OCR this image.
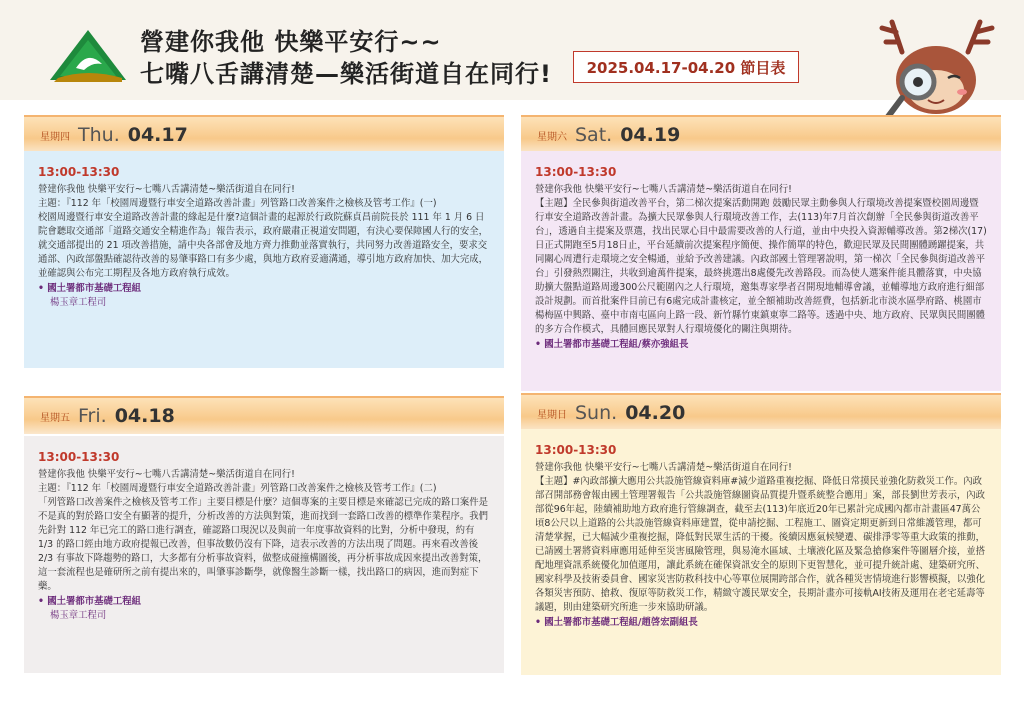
營建你我他 快樂平安行~~
七嘴八舌講清楚—樂活街道自在同行!	2025.04.17-04.20 節目表
星期四 Thu. 04.17
13:00-13:30

營建你我他 快樂平安行~七嘴八舌講清楚~樂活街道自在同行!

主題：『112 年「校園周邊暨行車安全道路改善計畫」列管路口改善案件之檢核及管考工作』(一)

校園周邊暨行車安全道路改善計畫的緣起是什麼?這個計畫的起源於行政院蘇貞昌前院長於 111 年 1 月 6 日院會聽取交通部「道路交通安全精進作為」報告表示，政府嚴肅正視道安問題，有決心要保障國人行的安全，就交通部提出的 21 項改善措施，請中央各部會及地方齊力推動並落實執行，共同努力改善道路安全，要求交通部、內政部盤點確認待改善的易肇事路口有多少處，與地方政府妥適溝通，導引地方政府加快、加大完成，並確認與公布完工期程及各地方政府執行成效。

• 國土署都市基礎工程組
楊玉章工程司
星期五 Fri. 04.18
13:00-13:30

營建你我他 快樂平安行~七嘴八舌講清楚~樂活街道自在同行!

主題：『112 年「校園周邊暨行車安全道路改善計畫」列管路口改善案件之檢核及管考工作』(二)

「列管路口改善案件之檢核及管考工作」主要目標是什麼？這個專案的主要目標是來確認已完成的路口案件是不是真的對於路口安全有顯著的提升，分析改善的方法與對策，進而找到一套路口改善的標準作業程序。我們先針對 112 年已完工的路口進行調查，確認路口現況以及與前一年度事故資料的比對，分析中發現，約有 1/3 的路口經由地方政府提報已改善，但事故數仍沒有下降，這表示改善的方法出現了問題。再來看改善後 2/3 有事故下降趨勢的路口，大多都有分析事故資料，做整成碰撞構圖後，再分析事故成因來提出改善對策，這一套流程也是確研所之前有提出來的，叫肇事診斷學，就像醫生診斷一樣，找出路口的病因，進而對症下藥。

• 國土署都市基礎工程組
楊玉章工程司
星期六 Sat. 04.19
13:00-13:30

營建你我他 快樂平安行~七嘴八舌講清楚~樂活街道自在同行!

【主題】全民參與街道改善平台，第二梯次提案活動開跑 鼓勵民眾主動參與人行環境改善提案暨校園周邊暨行車安全道路改善計畫。為擴大民眾參與人行環境改善工作，去(113)年7月首次創辦「全民參與街道改善平台」，透過自主提案及票選，找出民眾心目中最需要改善的人行道，並由中央投入資源輔導改善。第2梯次(17)日正式開跑至5月18日止，平台延續前次提案程序簡便、操作簡單的特色，歡迎民眾及民間團體踴躍提案，共同關心周遭行走環境之安全暢通，並給予改善建議。內政部國土管理署說明，第一梯次「全民參與街道改善平台」引發熱烈關注，共收到逾萬件提案，最終挑選出8處優先改善路段。而為使人選案件能具體落實，中央協助擴大盤點道路周邊300公尺範圍內之人行環境，邀集專家學者召開現地輔導會議，並輔導地方政府進行細部設計規劃。而首批案件目前已有6處完成計畫核定，並全額補助改善經費，包括新北市淡水區學府路、桃園市楊梅區中興路、臺中市南屯區向上路一段、新竹縣竹東鎮東寧二路等。透過中央、地方政府、民眾與民間團體的多方合作模式，具體回應民眾對人行環境優化的關注與期待。

• 國土署都市基礎工程組/蔡亦強組長
星期日 Sun. 04.20
13:00-13:30

營建你我他 快樂平安行~七嘴八舌講清楚~樂活街道自在同行!

【主題】#內政部擴大應用公共設施管線資料庫#減少道路重複挖掘、降低日常摸民並強化防救災工作。內政部召開部務會報由國土管理署報告「公共設施管線圖資品質提升暨系統整合應用」案，部長劉世芳表示，內政部從96年起，陸續補助地方政府進行管線調查，截至去(113)年底近20年已累計完成國內都市計畫區47萬公頃8公尺以上道路的公共設施管線資料庫建置，從申請挖掘、工程施工、圖資定期更新到日常維護管理，都可清楚掌握，已大幅減少重複挖掘，降低對民眾生活的干擾。後續因應氣候變遷、碳排淨零等重大政策的推動，已請國土署將資料庫應用延伸至災害風險管理，與易淹水區域、土壤液化區及緊急搶修案件等圖層介接，並搭配地理資訊系統優化加值運用，讓此系統在確保資訊安全的原則下更智慧化，並可提升統計處、建築研究所、國家科學及技術委員會、國家災害防救科技中心等單位展開跨部合作，就各種災害情境進行影響模擬，以強化各類災害預防、搶救、復原等防救災工作，精緻守護民眾安全，長期計畫亦可接軌AI技術及運用在老宅延壽等議題，則由建築研究所進一步來協助研議。

• 國土署都市基礎工程組/趙啓宏副組長
